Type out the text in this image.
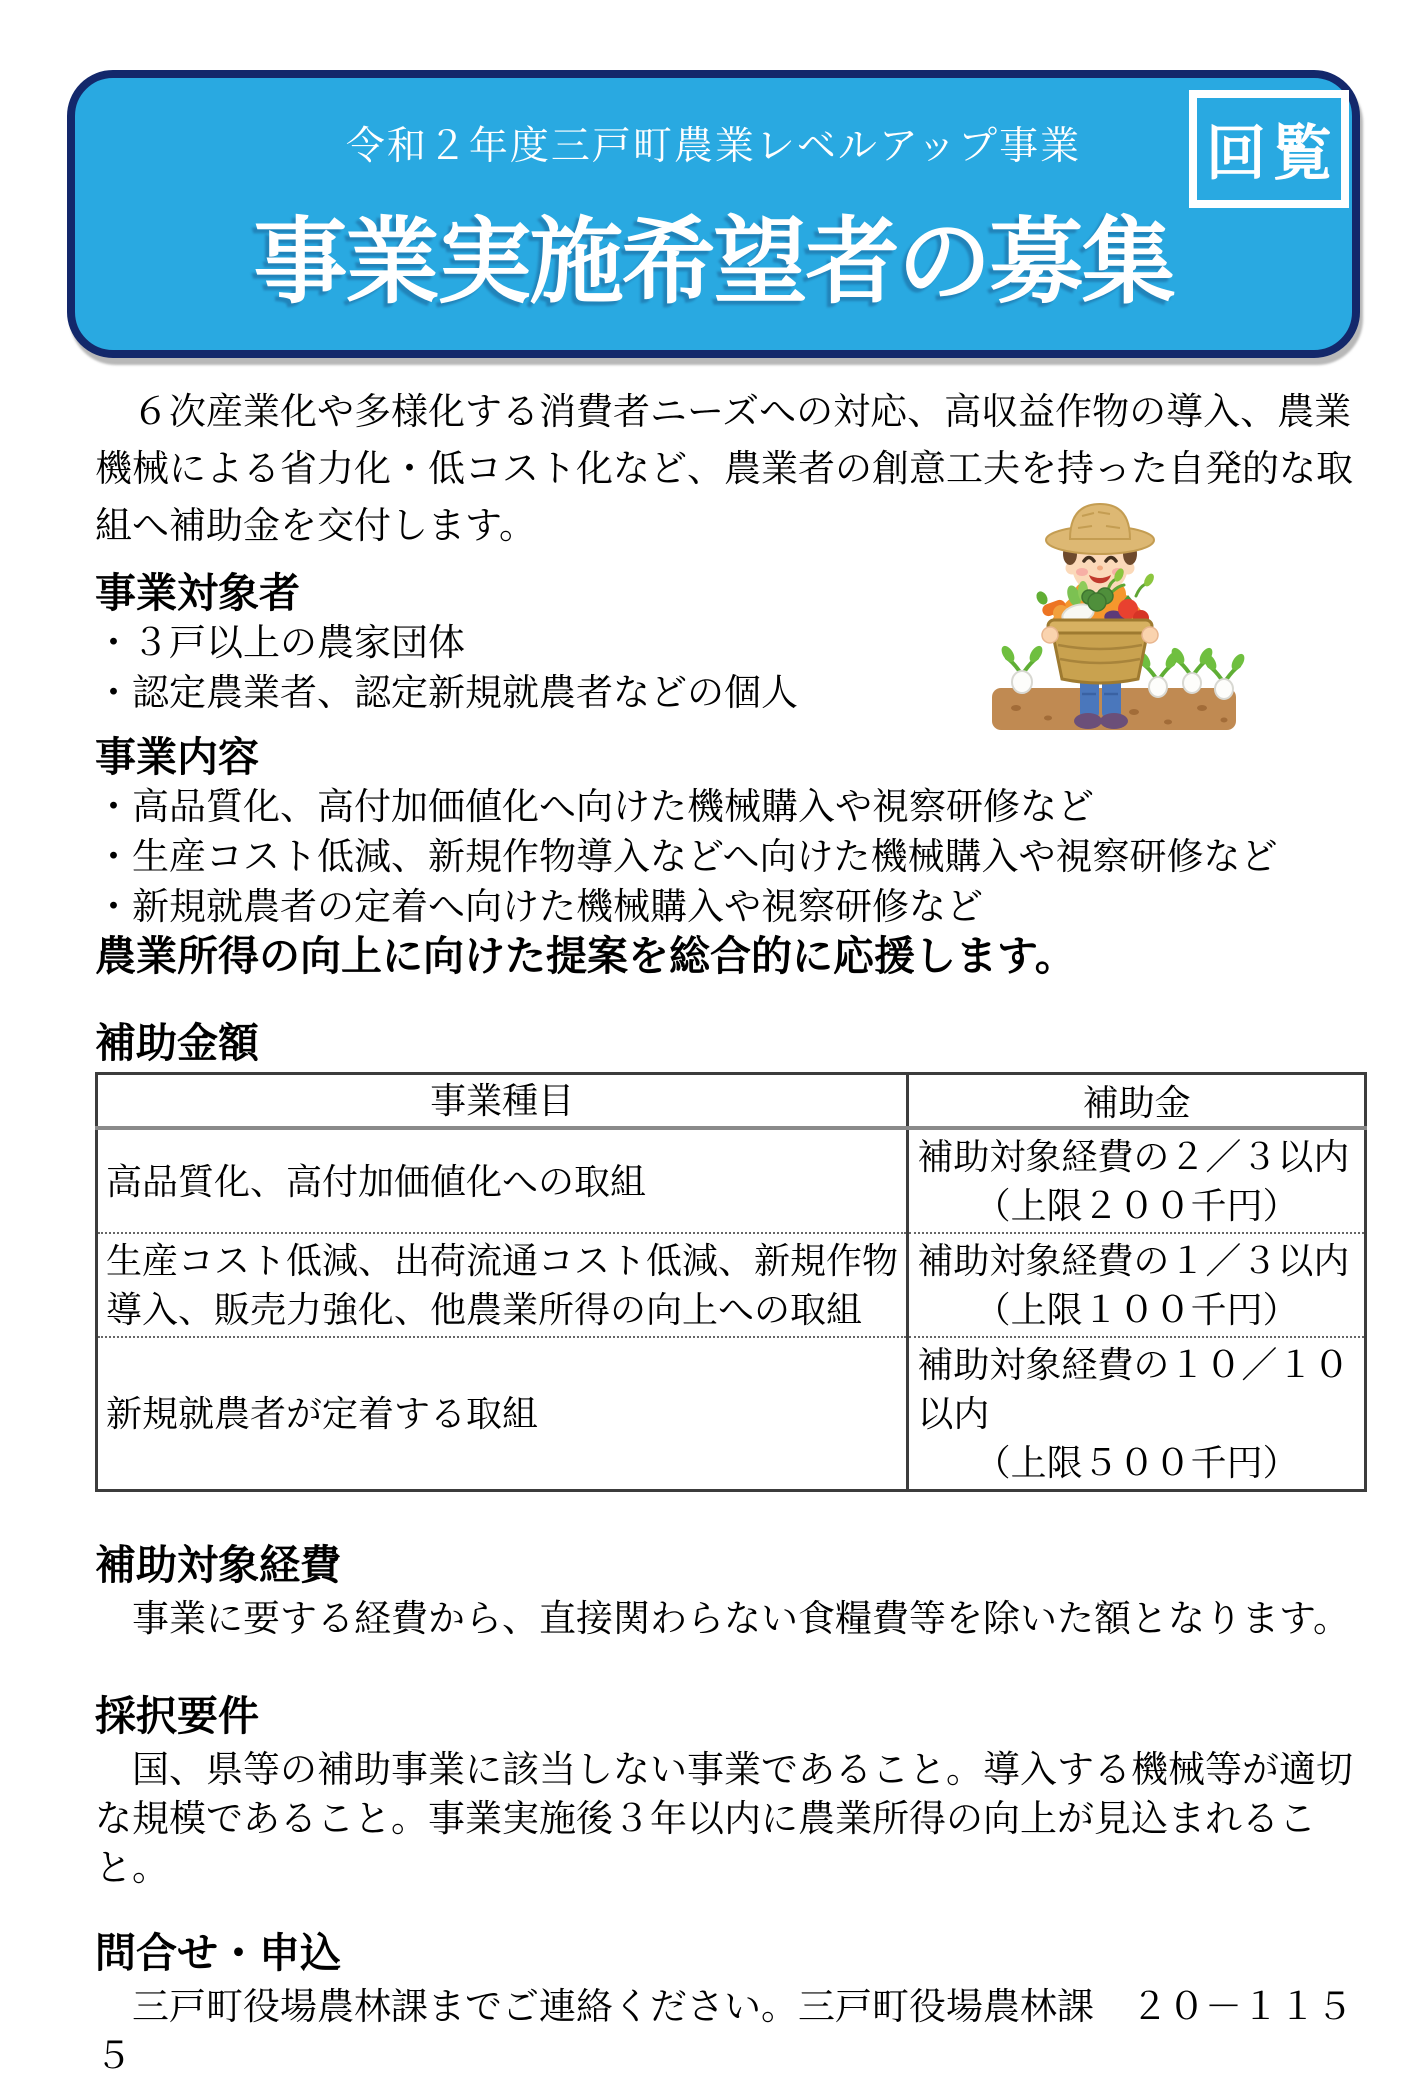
令和２年度三戸町農業レベルアップ事業
事業実施希望者の募集
回覧

　６次産業化や多様化する消費者ニーズへの対応、高収益作物の導入、農業機械による省力化・低コスト化など、農業者の創意工夫を持った自発的な取組へ補助金を交付します。

事業対象者
・３戸以上の農家団体
・認定農業者、認定新規就農者などの個人
事業内容
・高品質化、高付加価値化へ向けた機械購入や視察研修など
・生産コスト低減、新規作物導入などへ向けた機械購入や視察研修など
・新規就農者の定着へ向けた機械購入や視察研修など
農業所得の向上に向けた提案を総合的に応援します。
補助金額
事業種目	補助金
高品質化、高付加価値化への取組	補助対象経費の２／３以内
（上限２００千円）

生産コスト低減、出荷流通コスト低減、新規作物導入、販売力強化、他農業所得の向上への取組	補助対象経費の１／３以内
（上限１００千円）

新規就農者が定着する取組	補助対象経費の１０／１０
以内
（上限５００千円）
補助対象経費

　事業に要する経費から、直接関わらない食糧費等を除いた額となります。

採択要件

　国、県等の補助事業に該当しない事業であること。導入する機械等が適切な規模であること。事業実施後３年以内に農業所得の向上が見込まれること。

問合せ・申込

　三戸町役場農林課までご連絡ください。三戸町役場農林課　２０－１１５５
